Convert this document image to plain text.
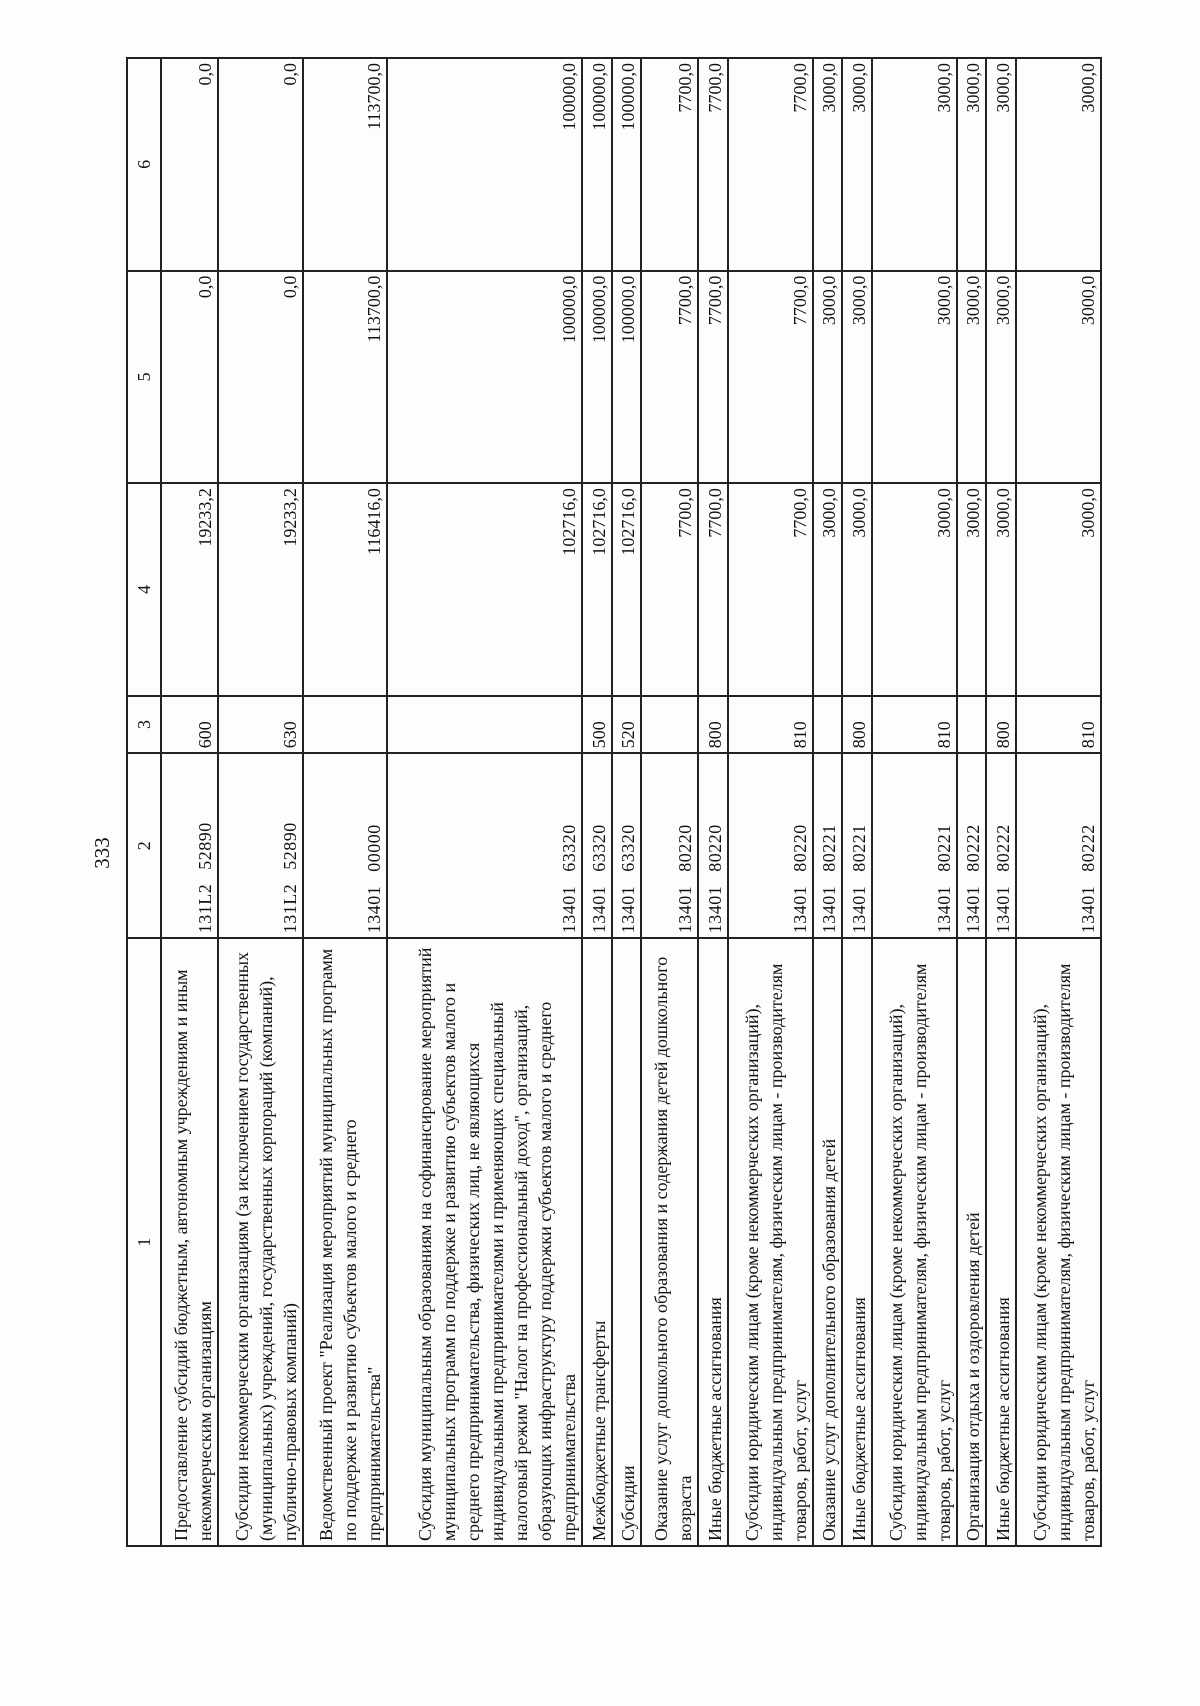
333
1	2	3	4	5	6
Предоставление субсидий бюджетным, автономным учреждениям и иным некоммерческим организациям	131L252890	600	19233,2	0,0	0,0
Субсидии некоммерческим организациям (за исключением государственных (муниципальных) учреждений, государственных корпораций (компаний), публично-правовых компаний)	131L252890	630	19233,2	0,0	0,0
Ведомственный проект "Реализация мероприятий муниципальных программ по поддержке и развитию субъектов малого и среднего предпринимательства"	1340100000		116416,0	113700,0	113700,0
Субсидия муниципальным образованиям на софинансирование мероприятий муниципальных программ по поддержке и развитию субъектов малого и среднего предпринимательства, физических лиц, не являющихся индивидуальными предпринимателями и применяющих специальный налоговый режим "Налог на профессиональный доход", организаций, образующих инфраструктуру поддержки субъектов малого и среднего предпринимательства	1340163320		102716,0	100000,0	100000,0
Межбюджетные трансферты	1340163320	500	102716,0	100000,0	100000,0
Субсидии	1340163320	520	102716,0	100000,0	100000,0
Оказание услуг дошкольного образования и содержания детей дошкольного возраста	1340180220		7700,0	7700,0	7700,0
Иные бюджетные ассигнования	1340180220	800	7700,0	7700,0	7700,0
Субсидии юридическим лицам (кроме некоммерческих организаций), индивидуальным предпринимателям, физическим лицам - производителям товаров, работ, услуг	1340180220	810	7700,0	7700,0	7700,0
Оказание услуг дополнительного образования детей	1340180221		3000,0	3000,0	3000,0
Иные бюджетные ассигнования	1340180221	800	3000,0	3000,0	3000,0
Субсидии юридическим лицам (кроме некоммерческих организаций), индивидуальным предпринимателям, физическим лицам - производителям товаров, работ, услуг	1340180221	810	3000,0	3000,0	3000,0
Организация отдыха и оздоровления детей	1340180222		3000,0	3000,0	3000,0
Иные бюджетные ассигнования	1340180222	800	3000,0	3000,0	3000,0
Субсидии юридическим лицам (кроме некоммерческих организаций), индивидуальным предпринимателям, физическим лицам - производителям товаров, работ, услуг	1340180222	810	3000,0	3000,0	3000,0
